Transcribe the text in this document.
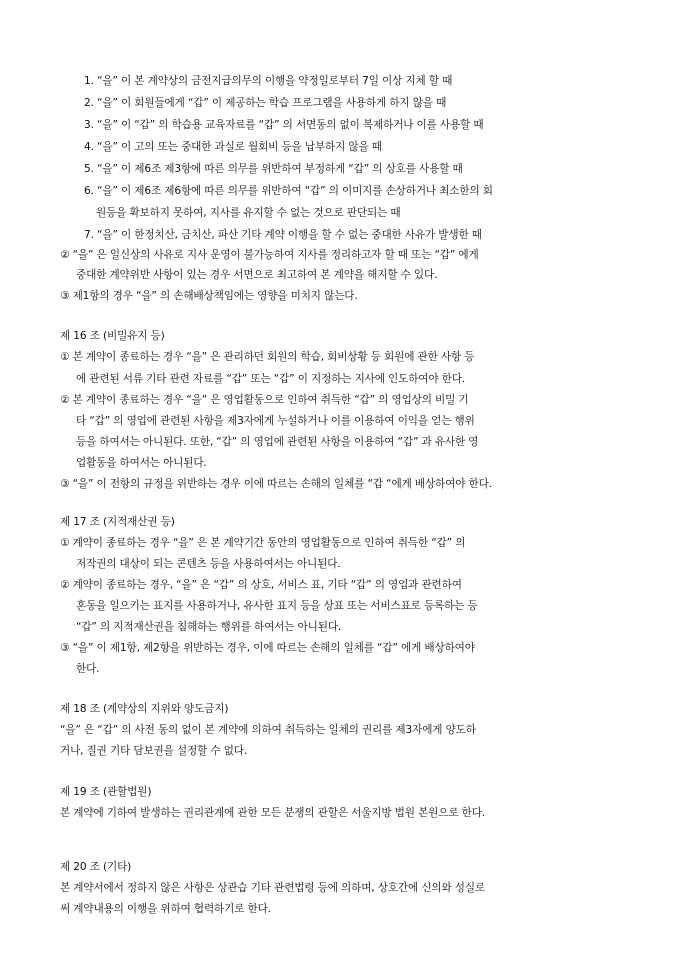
1. “을” 이 본 계약상의 금전지급의무의 이행을 약정일로부터 7일 이상 지체 할 때
2. “을” 이 회원들에게 “갑” 이 제공하는 학습 프로그램을 사용하게 하지 않을 때
3. “을” 이 “갑” 의 학습용 교육자료를 “갑” 의 서면동의 없이 복제하거나 이를 사용할 때
4. “을” 이 고의 또는 중대한 과실로 월회비 등을 납부하지 않을 때
5. “을” 이 제6조 제3항에 따른 의무를 위반하여 부정하게 “갑” 의 상호를 사용할 때
6. “을” 이 제6조 제6항에 따른 의무를 위반하여 “갑” 의 이미지를 손상하거나 최소한의 회
원등을 확보하지 못하여, 지사를 유지할 수 없는 것으로 판단되는 때
7. “을” 이 한정치산, 금치산, 파산 기타 계약 이행을 할 수 없는 중대한 사유가 발생한 때
② “을” 은 일신상의 사유로 지사 운영이 불가능하여 지사를 정리하고자 할 때 또는 “갑” 에게
중대한 계약위반 사항이 있는 경우 서면으로 최고하여 본 계약을 해지할 수 있다.
③ 제1항의 경우 “을” 의 손해배상책임에는 영향을 미치지 않는다.
제 16 조 (비밀유지 등)
① 본 계약이 종료하는 경우 “을” 은 관리하던 회원의 학습, 회비상황 등 회원에 관한 사항 등
에 관련된 서류 기타 관련 자료를 “갑” 또는 “갑” 이 지정하는 지사에 인도하여야 한다.
② 본 계약이 종료하는 경우 “을” 은 영업활동으로 인하여 취득한 “갑” 의 영업상의 비밀 기
타 “갑” 의 영업에 관련된 사항을 제3자에게 누설하거나 이를 이용하여 이익을 얻는 행위
등을 하여서는 아니된다. 또한, “갑” 의 영업에 관련된 사항을 이용하여 “갑” 과 유사한 영
업활동을 하여서는 아니된다.
③ “을” 이 전항의 규정을 위반하는 경우 이에 따르는 손해의 일체를 “갑 “에게 배상하여야 한다.
제 17 조 (지적재산권 등)
① 계약이 종료하는 경우 “을” 은 본 계약기간 동안의 영업활동으로 인하여 취득한 “갑” 의
저작권의 대상이 되는 콘텐츠 등을 사용하여서는 아니된다.
② 계약이 종료하는 경우, “을” 은 “갑” 의 상호, 서비스 표, 기타 “갑” 의 영업과 관련하여
혼동을 일으키는 표지를 사용하거나, 유사한 표지 등을 상표 또는 서비스표로 등록하는 등
“갑” 의 지적재산권을 침해하는 행위를 하여서는 아니된다.
③ “을” 이 제1항, 제2항을 위반하는 경우, 이에 따르는 손해의 일체를 “갑” 에게 배상하여야
한다.
제 18 조 (계약상의 지위와 양도금지)
“을” 은 “갑” 의 사전 동의 없이 본 계약에 의하여 취득하는 일체의 권리를 제3자에게 양도하
거나, 질권 기타 담보권을 설정할 수 없다.
제 19 조 (관할법원)
본 계약에 기하여 발생하는 권리관계에 관한 모든 분쟁의 관할은 서울지방 법원 본원으로 한다.
제 20 조 (기타)
본 계약서에서 정하지 않은 사항은 상관습 기타 관련법령 등에 의하며, 상호간에 신의와 성실로
써 계약내용의 이행을 위하여 협력하기로 한다.
